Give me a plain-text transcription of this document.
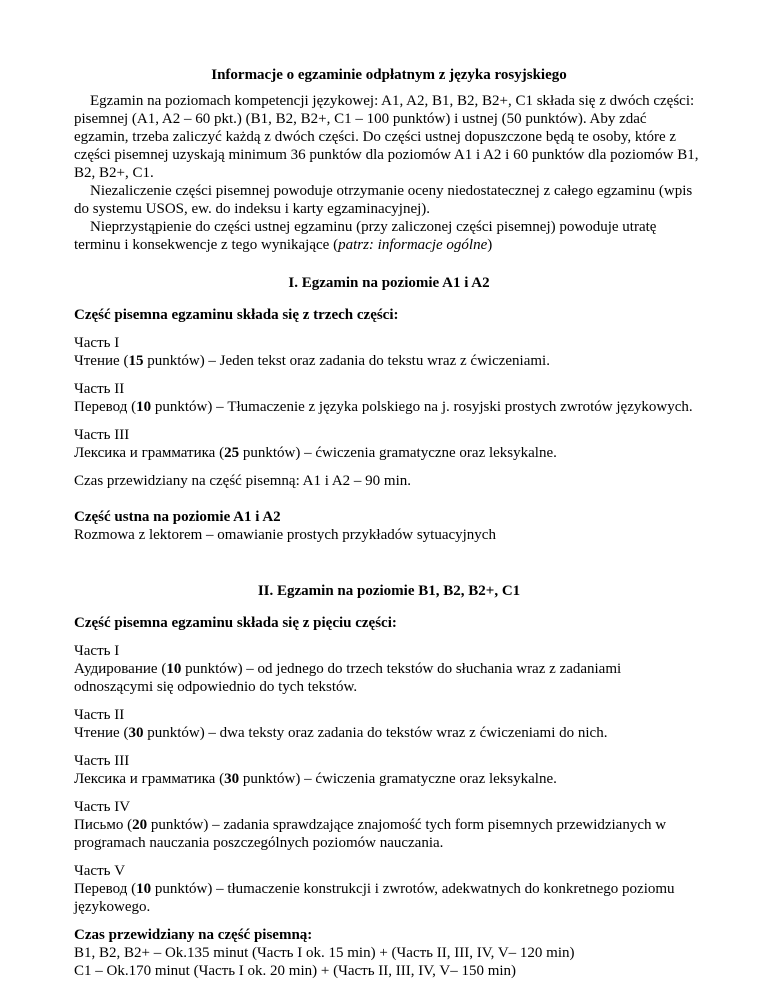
Informacje o egzaminie odpłatnym z języka rosyjskiego

Egzamin na poziomach kompetencji językowej: A1, A2, B1, B2, B2+, C1 składa się z dwóch części: pisemnej (A1, A2 – 60 pkt.) (B1, B2, B2+, C1 – 100 punktów) i ustnej (50 punktów). Aby zdać egzamin, trzeba zaliczyć każdą z dwóch części. Do części ustnej dopuszczone będą te osoby, które z części pisemnej uzyskają minimum 36 punktów dla poziomów A1 i A2 i 60 punktów dla poziomów B1, B2, B2+, C1.

Niezaliczenie części pisemnej powoduje otrzymanie oceny niedostatecznej z całego egzaminu (wpis do systemu USOS, ew. do indeksu i karty egzaminacyjnej).

Nieprzystąpienie do części ustnej egzaminu (przy zaliczonej części pisemnej) powoduje utratę terminu i konsekwencje z tego wynikające (patrz: informacje ogólne)

I. Egzamin na poziomie A1 i A2
Część pisemna egzaminu składa się z trzech części:

Часть I

Чтение (15 punktów) – Jeden tekst oraz zadania do tekstu wraz z ćwiczeniami.

Часть II

Перевод (10 punktów) – Tłumaczenie z języka polskiego na j. rosyjski prostych zwrotów językowych.

Часть III

Лексика и грамматика (25 punktów) – ćwiczenia gramatyczne oraz leksykalne.

Czas przewidziany na część pisemną: A1 i A2 – 90 min.

Część ustna na poziomie A1 i A2

Rozmowa z lektorem – omawianie prostych przykładów sytuacyjnych

II. Egzamin na poziomie B1, B2, B2+, C1
Część pisemna egzaminu składa się z pięciu części:

Часть I

Аудирование (10 punktów) – od jednego do trzech tekstów do słuchania wraz z zadaniami odnoszącymi się odpowiednio do tych tekstów.

Часть II

Чтение (30 punktów) – dwa teksty oraz zadania do tekstów wraz z ćwiczeniami do nich.

Часть III

Лексика и грамматика (30 punktów) – ćwiczenia gramatyczne oraz leksykalne.

Часть IV

Письмо (20 punktów) – zadania sprawdzające znajomość tych form pisemnych przewidzianych w programach nauczania poszczególnych poziomów nauczania.

Часть V

Перевод (10 punktów) – tłumaczenie konstrukcji i zwrotów, adekwatnych do konkretnego poziomu językowego.

Czas przewidziany na część pisemną:

B1, B2, B2+ – Ok.135 minut (Часть I ok. 15 min) + (Часть II, III, IV, V– 120 min)

C1 – Ok.170 minut (Часть I ok. 20 min) + (Часть II, III, IV, V– 150 min)
